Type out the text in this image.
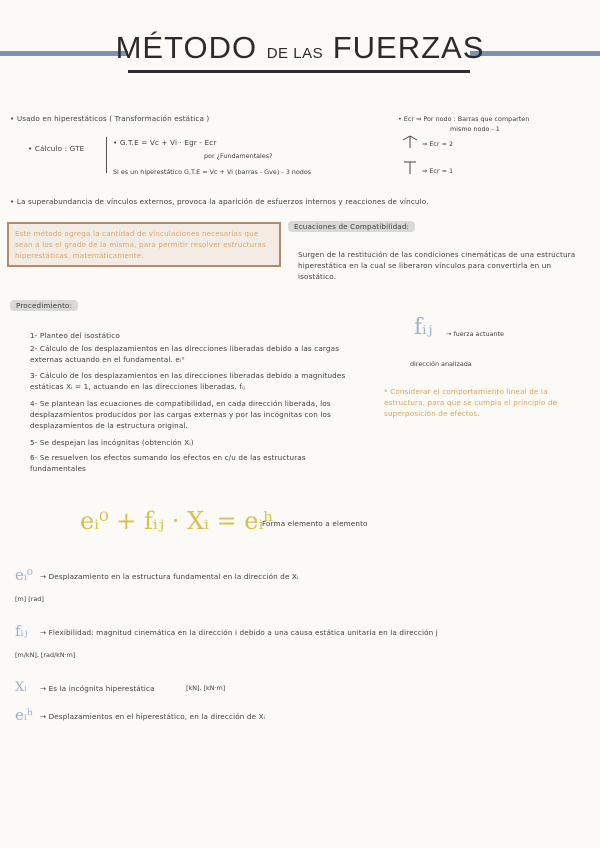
MÉTODO DE LAS FUERZAS
• Usado en hiperestáticos ( Transformación estática )
• Cálculo : GTE
• G.T.E = Vc + Vi · Egr - Ecr
por ¿Fundamentales?
Si es un hiperestático G.T.E = Vc + Vi (barras - Gve) - 3 nodos
• Ecr ⇒ Por nodo : Barras que comparten
mismo nodo - 1
⇒ Ecr = 2
⇒ Ecr = 1
• La superabundancia de vínculos externos, provoca la aparición de esfuerzos internos y reacciones de vínculo.
Este método agrega la cantidad de vinculaciones necesarias que sean a los el grado de la misma, para permitir resolver estructuras hiperestáticas, matemáticamente.
Ecuaciones de Compatibilidad:
Surgen de la restitución de las condiciones cinemáticas de una estructura hiperestática en la cual se liberaron vínculos para convertirla en un isostático.
Procedimiento:
1- Planteo del isostático
2- Cálculo de los desplazamientos en las direcciones liberadas debido a las cargas externas actuando en el fundamental. eᵢ⁰
3- Cálculo de los desplazamientos en las direcciones liberadas debido a magnitudes estáticas Xᵢ = 1, actuando en las direcciones liberadas. fᵢⱼ
4- Se plantean las ecuaciones de compatibilidad, en cada dirección liberada, los desplazamientos producidos por las cargas externas y por las incógnitas con los desplazamientos de la estructura original.
5- Se despejan las incógnitas (obtención Xᵢ)
6- Se resuelven los efectos sumando los efectos en c/u de las estructuras fundamentales
fᵢⱼ → fuerza actuante
dirección analizada
* Considerar el comportamiento lineal de la estructura, para que se cumpla el principio de superposición de efectos.
eᵢ⁰ + fᵢⱼ · Xᵢ = eᵢʰ
Forma elemento a elemento
eᵢ⁰ → Desplazamiento en la estructura fundamental en la dirección de Xᵢ
[m] [rad]
fᵢⱼ → Flexibilidad: magnitud cinemática en la dirección i debido a una causa estática unitaria en la dirección j
[m/kN], [rad/kN·m]
Xᵢ → Es la incógnita hiperestática	[kN], [kN·m]
eᵢʰ → Desplazamientos en el hiperestático, en la dirección de Xᵢ
